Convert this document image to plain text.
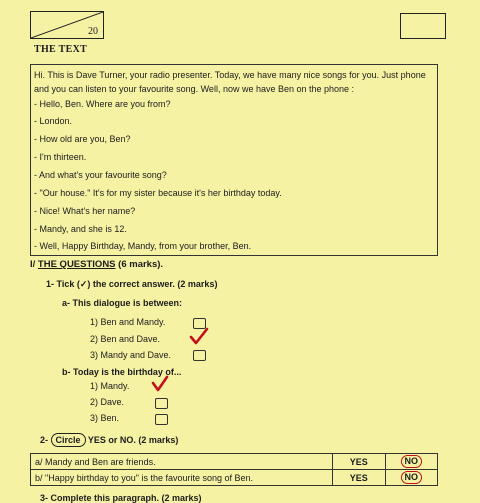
20
THE TEXT
Hi. This is Dave Turner, your radio presenter. Today, we have many nice songs for you. Just phone and you can listen to your favourite song. Well, now we have Ben on the phone :
- Hello, Ben. Where are you from?
- London.
- How old are you, Ben?
- I'm thirteen.
- And what's your favourite song?
- "Our house." It's for my sister because it's her birthday today.
- Nice! What's her name?
- Mandy, and she is 12.
- Well, Happy Birthday, Mandy, from your brother, Ben.
I/ THE QUESTIONS (6 marks).
1- Tick (✓) the correct answer. (2 marks)
a- This dialogue is between:
1) Ben and Mandy.
2) Ben and Dave.
3) Mandy and Dave.
b- Today is the birthday of...
1) Mandy.
2) Dave.
3) Ben.
2- Circle YES or NO. (2 marks)
a/ Mandy and Ben are friends.	YES	NO
b/ "Happy birthday to you" is the favourite song of Ben.	YES	NO
3- Complete this paragraph. (2 marks)
